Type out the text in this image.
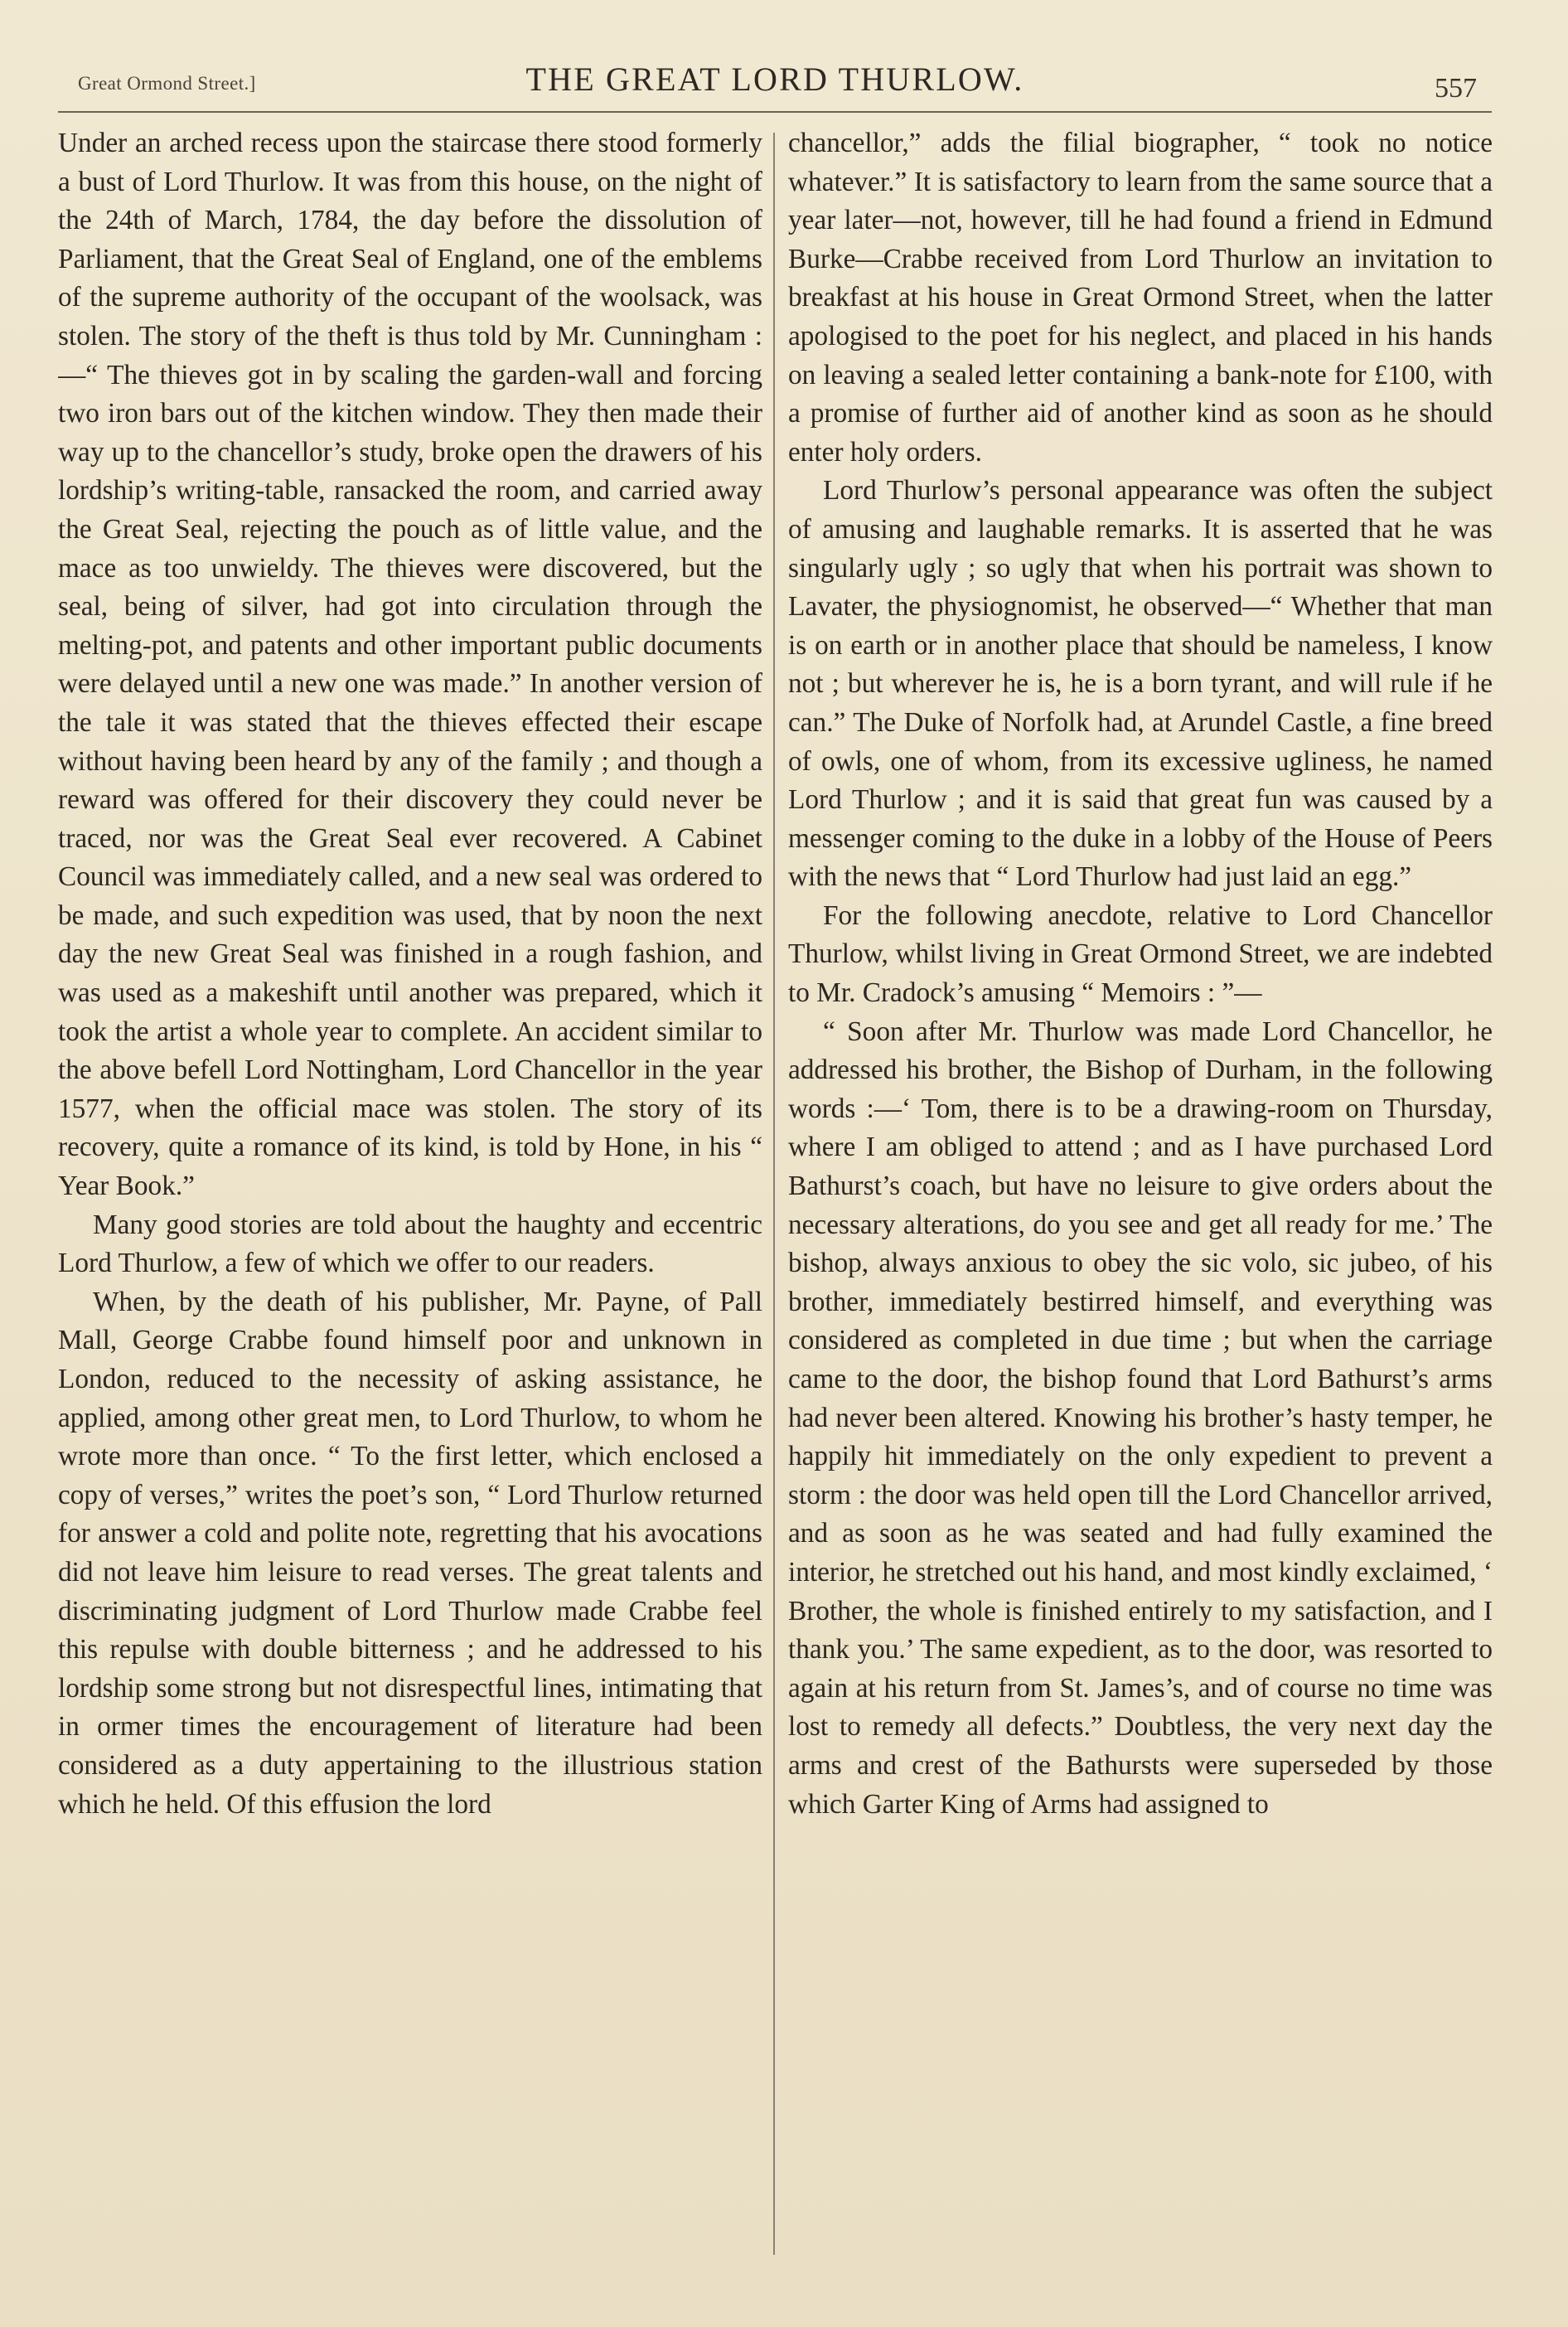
Great Ormond Street.]	THE GREAT LORD THURLOW.	557

Under an arched recess upon the staircase there stood formerly a bust of Lord Thurlow. It was from this house, on the night of the 24th of March, 1784, the day before the dissolution of Parliament, that the Great Seal of England, one of the emblems of the supreme authority of the occupant of the woolsack, was stolen. The story of the theft is thus told by Mr. Cunningham :—“ The thieves got in by scaling the garden-wall and forcing two iron bars out of the kitchen window. They then made their way up to the chancellor’s study, broke open the drawers of his lordship’s writing-table, ransacked the room, and carried away the Great Seal, rejecting the pouch as of little value, and the mace as too unwieldy. The thieves were discovered, but the seal, being of silver, had got into circulation through the melting-pot, and patents and other important public documents were delayed until a new one was made.” In another version of the tale it was stated that the thieves effected their escape without having been heard by any of the family ; and though a reward was offered for their discovery they could never be traced, nor was the Great Seal ever recovered. A Cabinet Council was immediately called, and a new seal was ordered to be made, and such expedition was used, that by noon the next day the new Great Seal was finished in a rough fashion, and was used as a makeshift until another was prepared, which it took the artist a whole year to complete. An accident similar to the above befell Lord Nottingham, Lord Chancellor in the year 1577, when the official mace was stolen. The story of its recovery, quite a romance of its kind, is told by Hone, in his “ Year Book.”

Many good stories are told about the haughty and eccentric Lord Thurlow, a few of which we offer to our readers.

When, by the death of his publisher, Mr. Payne, of Pall Mall, George Crabbe found himself poor and unknown in London, reduced to the necessity of asking assistance, he applied, among other great men, to Lord Thurlow, to whom he wrote more than once. “ To the first letter, which enclosed a copy of verses,” writes the poet’s son, “ Lord Thurlow returned for answer a cold and polite note, regretting that his avocations did not leave him leisure to read verses. The great talents and discriminating judgment of Lord Thurlow made Crabbe feel this repulse with double bitterness ; and he addressed to his lordship some strong but not disrespectful lines, intimating that in ormer times the encouragement of literature had been considered as a duty appertaining to the illustrious station which he held. Of this effusion the lord

chancellor,” adds the filial biographer, “ took no notice whatever.” It is satisfactory to learn from the same source that a year later—not, however, till he had found a friend in Edmund Burke—Crabbe received from Lord Thurlow an invitation to breakfast at his house in Great Ormond Street, when the latter apologised to the poet for his neglect, and placed in his hands on leaving a sealed letter containing a bank-note for £100, with a promise of further aid of another kind as soon as he should enter holy orders.

Lord Thurlow’s personal appearance was often the subject of amusing and laughable remarks. It is asserted that he was singularly ugly ; so ugly that when his portrait was shown to Lavater, the physiognomist, he observed—“ Whether that man is on earth or in another place that should be nameless, I know not ; but wherever he is, he is a born tyrant, and will rule if he can.” The Duke of Norfolk had, at Arundel Castle, a fine breed of owls, one of whom, from its excessive ugliness, he named Lord Thurlow ; and it is said that great fun was caused by a messenger coming to the duke in a lobby of the House of Peers with the news that “ Lord Thurlow had just laid an egg.”

For the following anecdote, relative to Lord Chancellor Thurlow, whilst living in Great Ormond Street, we are indebted to Mr. Cradock’s amusing “ Memoirs : ”—

“ Soon after Mr. Thurlow was made Lord Chancellor, he addressed his brother, the Bishop of Durham, in the following words :—‘ Tom, there is to be a drawing-room on Thursday, where I am obliged to attend ; and as I have purchased Lord Bathurst’s coach, but have no leisure to give orders about the necessary alterations, do you see and get all ready for me.’ The bishop, always anxious to obey the sic volo, sic jubeo, of his brother, immediately bestirred himself, and everything was considered as completed in due time ; but when the carriage came to the door, the bishop found that Lord Bathurst’s arms had never been altered. Knowing his brother’s hasty temper, he happily hit immediately on the only expedient to prevent a storm : the door was held open till the Lord Chancellor arrived, and as soon as he was seated and had fully examined the interior, he stretched out his hand, and most kindly exclaimed, ‘ Brother, the whole is finished entirely to my satisfaction, and I thank you.’ The same expedient, as to the door, was resorted to again at his return from St. James’s, and of course no time was lost to remedy all defects.” Doubtless, the very next day the arms and crest of the Bathursts were superseded by those which Garter King of Arms had assigned to
